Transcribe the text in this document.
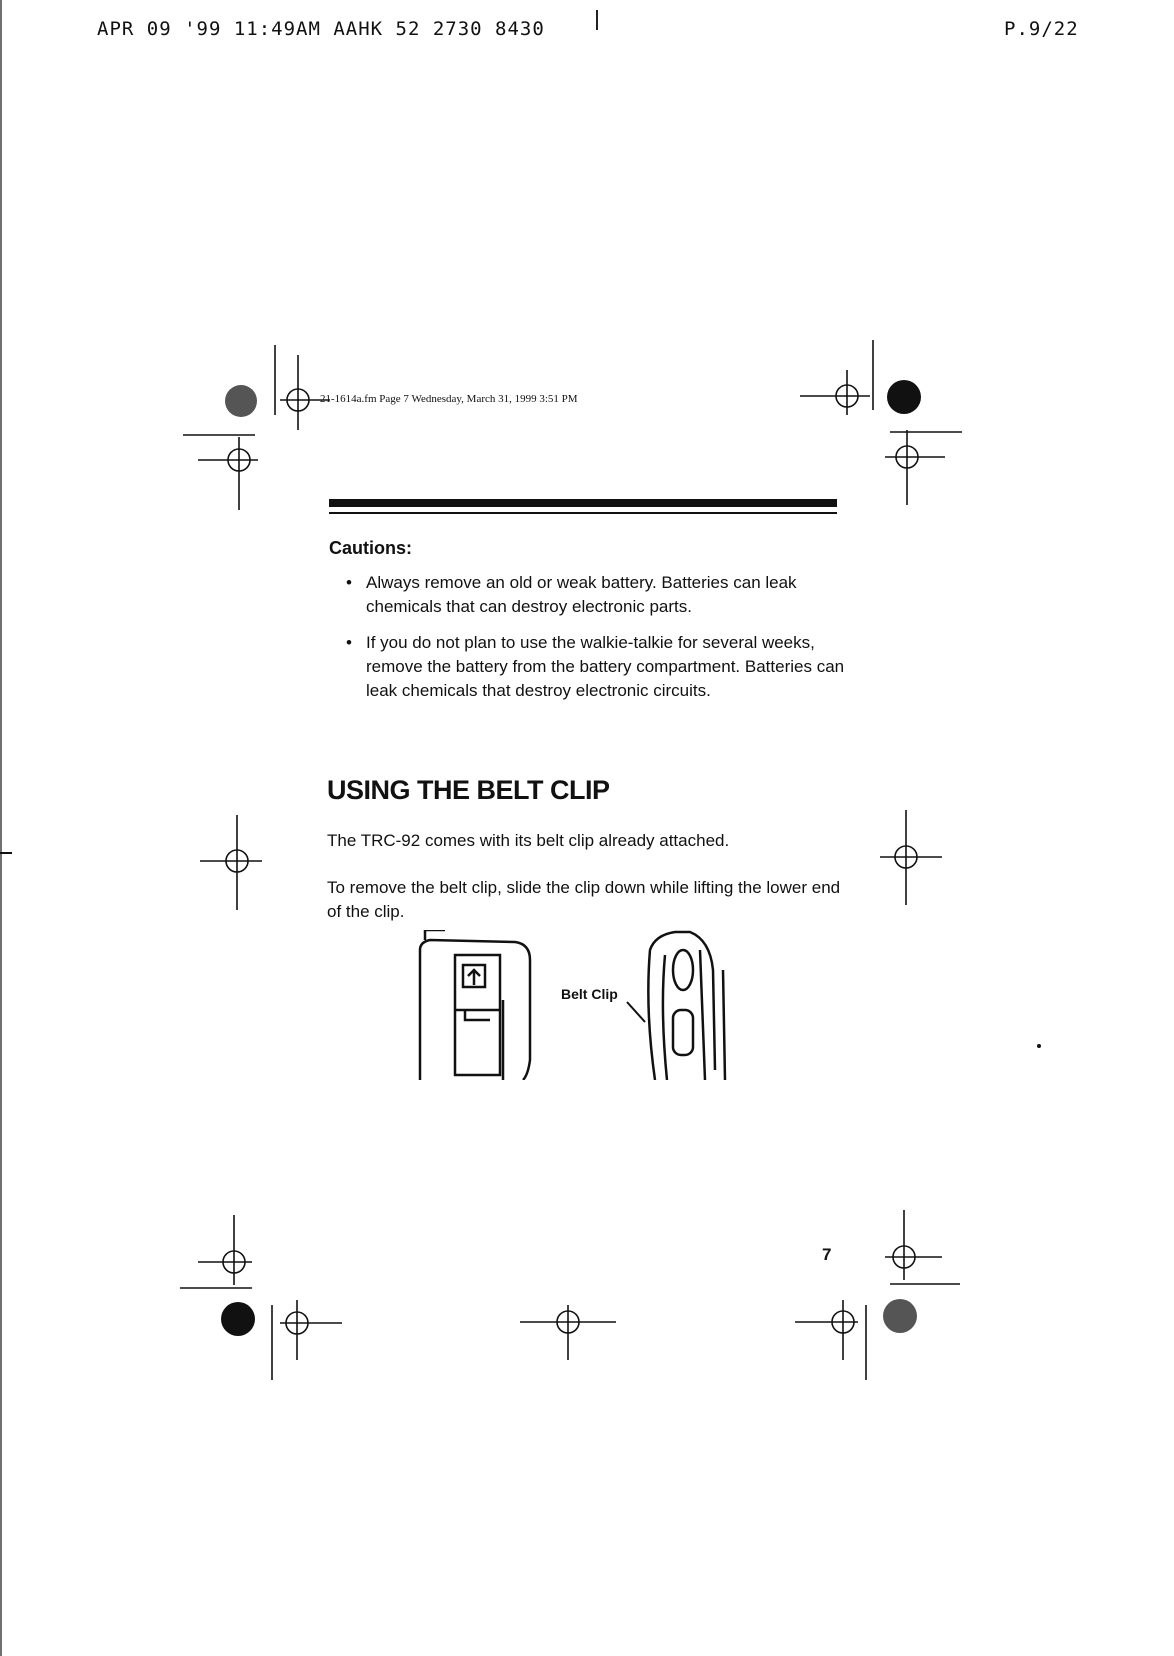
APR 09 '99 11:49AM AAHK 52 2730 8430	P.9/22
21-1614a.fm Page 7 Wednesday, March 31, 1999 3:51 PM
Cautions:
• Always remove an old or weak battery. Batteries can leak chemicals that can destroy electronic parts.
• If you do not plan to use the walkie-talkie for several weeks, remove the battery from the battery compartment. Batteries can leak chemicals that destroy electronic circuits.
USING THE BELT CLIP
The TRC-92 comes with its belt clip already attached.
To remove the belt clip, slide the clip down while lifting the lower end of the clip.
Belt Clip
7
